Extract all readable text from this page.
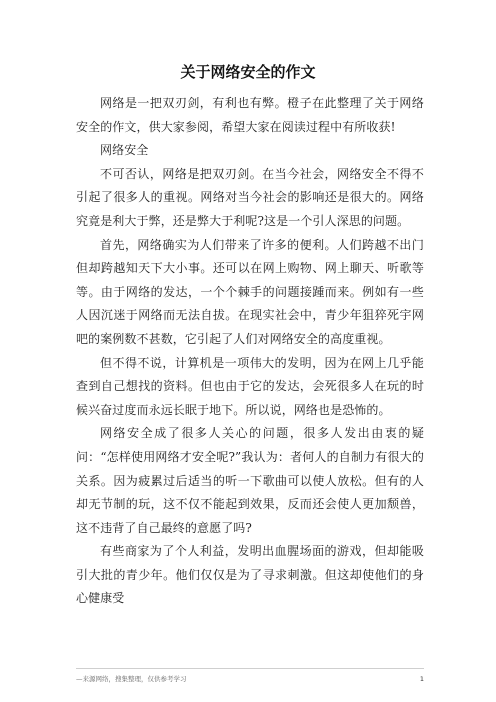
关于网络安全的作文

网络是一把双刃剑，有利也有弊。橙子在此整理了关于网络安全的作文，供大家参阅，希望大家在阅读过程中有所收获!

网络安全

不可否认，网络是把双刃剑。在当今社会，网络安全不得不引起了很多人的重视。网络对当今社会的影响还是很大的。网络究竟是利大于弊，还是弊大于利呢?这是一个引人深思的问题。

首先，网络确实为人们带来了许多的便利。人们跨越不出门但却跨越知天下大小事。还可以在网上购物、网上聊天、听歌等等。由于网络的发达，一个个棘手的问题接踵而来。例如有一些人因沉迷于网络而无法自拔。在现实社会中，青少年狙猝死宇网吧的案例数不甚数，它引起了人们对网络安全的高度重视。

但不得不说，计算机是一项伟大的发明，因为在网上几乎能查到自己想找的资料。但也由于它的发达，会死很多人在玩的时候兴奋过度而永远长眠于地下。所以说，网络也是恐怖的。

网络安全成了很多人关心的问题，很多人发出由衷的疑问：“怎样使用网络才安全呢?”我认为：者何人的自制力有很大的关系。因为疲累过后适当的听一下歌曲可以使人放松。但有的人却无节制的玩，这不仅不能起到效果，反而还会使人更加颓兽，这不违背了自己最终的意愿了吗?

有些商家为了个人利益，发明出血腥场面的游戏，但却能吸引大批的青少年。他们仅仅是为了寻求刺激。但这却使他们的身心健康受

—来源网络，搜集整理，仅供参考学习	1
